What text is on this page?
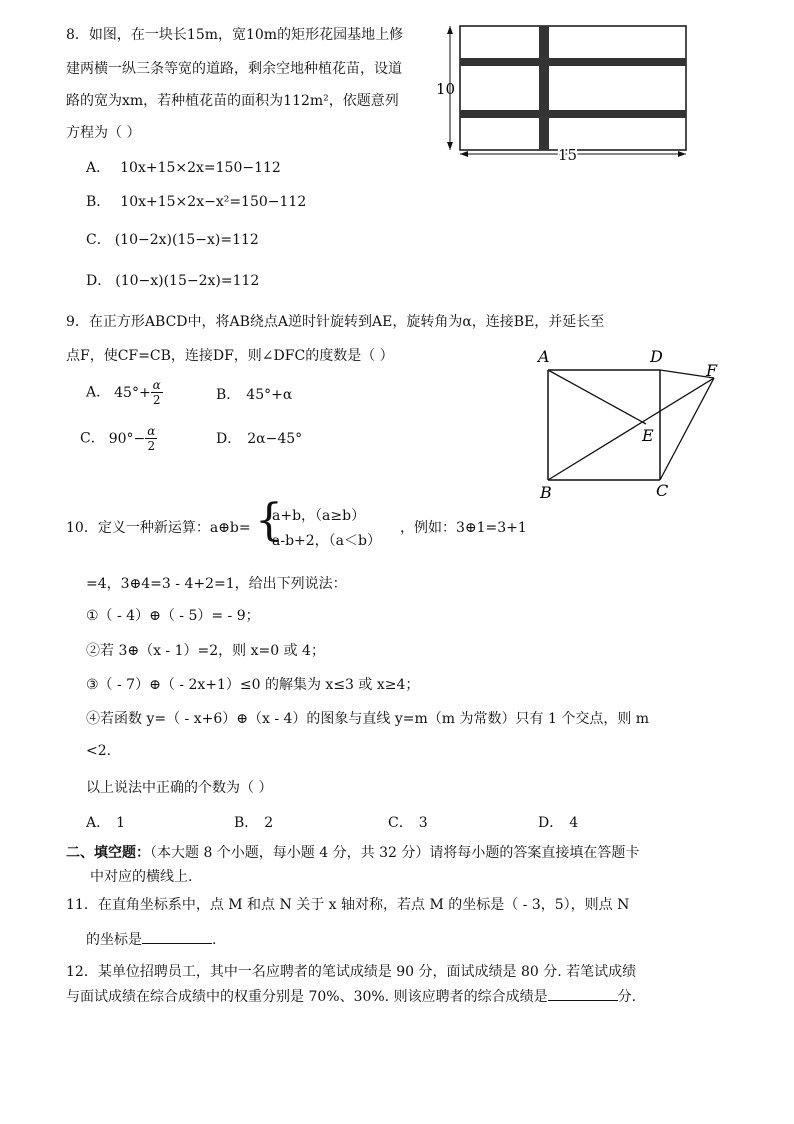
8．如图，在一块长15m，宽10m的矩形花园基地上修
建两横一纵三条等宽的道路，剩余空地种植花苗，设道
路的宽为xm，若种植花苗的面积为112m²，依题意列
方程为（ ）
A． 10x+15×2x=150−112
B． 10x+15×2x−x²=150−112
C． (10−2x)(15−x)=112
D． (10−x)(15−2x)=112
10
15
9．在正方形ABCD中，将AB绕点A逆时针旋转到AE，旋转角为α，连接BE，并延长至
点F，使CF=CB，连接DF，则∠DFC的度数是（ ）
A． $45^\circ+ \frac{\alpha}{2}$	B． 45°+α
C． $90^\circ- \frac{\alpha}{2}$	D． 2α−45°
A	D
F
E
B	C
10．定义一种新运算：a⊕b= {
a+b，（a≥b）
a-b+2，（a＜b）
，例如：3⊕1=3+1
=4，3⊕4=3 - 4+2=1，给出下列说法：
①（ - 4）⊕（ - 5）= - 9；
②若 3⊕（x - 1）=2，则 x=0 或 4；
③（ - 7）⊕（ - 2x+1）≤0 的解集为 x≤3 或 x≥4；
④若函数 y=（ - x+6）⊕（x - 4）的图象与直线 y=m（m 为常数）只有 1 个交点，则 m
<2.
以上说法中正确的个数为（ ）
A． 1	B． 2	C． 3	D． 4
二、填空题：（本大题 8 个小题，每小题 4 分，共 32 分）请将每小题的答案直接填在答题卡
中对应的横线上.
11．在直角坐标系中，点 M 和点 N 关于 x 轴对称，若点 M 的坐标是（ - 3，5），则点 N
的坐标是	.
12．某单位招聘员工，其中一名应聘者的笔试成绩是 90 分，面试成绩是 80 分. 若笔试成绩
与面试成绩在综合成绩中的权重分别是 70%、30%. 则该应聘者的综合成绩是	分.
